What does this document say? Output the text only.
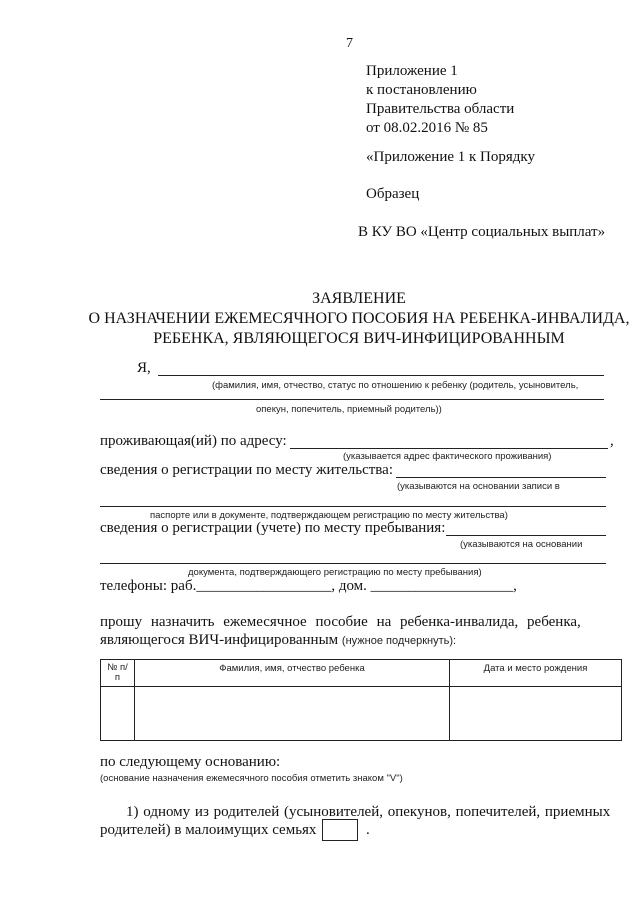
7
Приложение 1
к постановлению
Правительства области
от 08.02.2016 № 85
«Приложение 1 к Порядку
Образец
В КУ ВО «Центр социальных выплат»
ЗАЯВЛЕНИЕ
О НАЗНАЧЕНИИ ЕЖЕМЕСЯЧНОГО ПОСОБИЯ НА РЕБЕНКА-ИНВАЛИДА,
РЕБЕНКА, ЯВЛЯЮЩЕГОСЯ ВИЧ-ИНФИЦИРОВАННЫМ
Я,
(фамилия, имя, отчество, статус по отношению к ребенку (родитель, усыновитель,
опекун, попечитель, приемный родитель))
проживающая(ий) по адресу:	,
(указывается адрес фактического проживания)
сведения о регистрации по месту жительства:
(указываются на основании записи в
паспорте или в документе, подтверждающем регистрацию по месту жительства)
сведения о регистрации (учете) по месту пребывания:
(указываются на основании
документа, подтверждающего регистрацию по месту пребывания)
телефоны: раб.__________________, дом. ___________________,
прошу назначить ежемесячное пособие на ребенка-инвалида, ребенка,
являющегося ВИЧ-инфицированным (нужное подчеркнуть):
№ п/п	Фамилия, имя, отчество ребенка	Дата и место рождения

по следующему основанию:
(основание назначения ежемесячного пособия отметить знаком "V")
1) одному из родителей (усыновителей, опекунов, попечителей, приемных
родителей) в малоимущих семьях	.
